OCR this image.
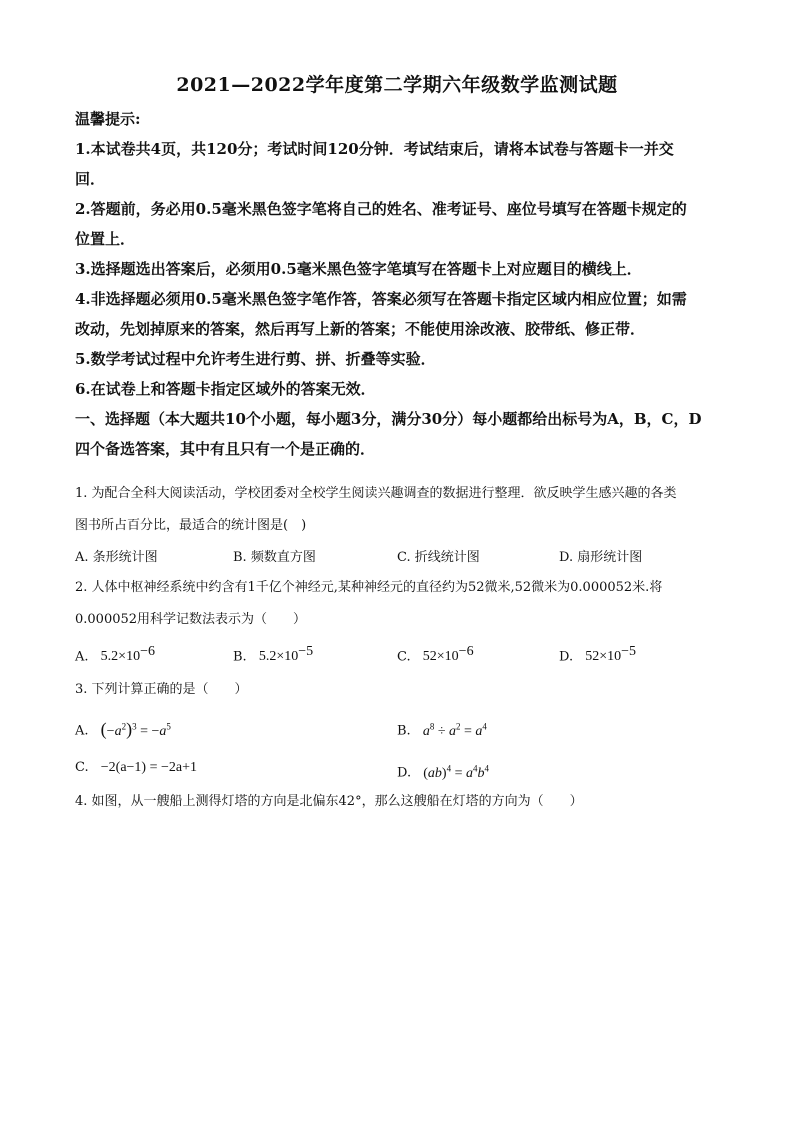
2021—2022学年度第二学期六年级数学监测试题
温馨提示:
1.本试卷共4页，共120分；考试时间120分钟．考试结束后，请将本试卷与答题卡一并交
回．
2.答题前，务必用0.5毫米黑色签字笔将自己的姓名、准考证号、座位号填写在答题卡规定的
位置上．
3.选择题选出答案后，必须用0.5毫米黑色签字笔填写在答题卡上对应题目的横线上．
4.非选择题必须用0.5毫米黑色签字笔作答，答案必须写在答题卡指定区域内相应位置；如需
改动，先划掉原来的答案，然后再写上新的答案；不能使用涂改液、胶带纸、修正带．
5.数学考试过程中允许考生进行剪、拼、折叠等实验．
6.在试卷上和答题卡指定区域外的答案无效．
一、选择题（本大题共10个小题，每小题3分，满分30分）每小题都给出标号为A，B，C，D
四个备选答案，其中有且只有一个是正确的．
1. 为配合全科大阅读活动，学校团委对全校学生阅读兴趣调查的数据进行整理．欲反映学生感兴趣的各类
图书所占百分比，最适合的统计图是(　)
A. 条形统计图	B. 频数直方图	C. 折线统计图	D. 扇形统计图
2. 人体中枢神经系统中约含有1千亿个神经元,某种神经元的直径约为52微米,52微米为0.000052米.将
0.000052用科学记数法表示为（　　）
A. $5.2\times 10^{-6}$	B. $5.2\times 10^{-5}$	C. $52\times 10^{-6}$	D. $52\times 10^{-5}$
3. 下列计算正确的是（　　）
A. $(-a^2)^3 = -a^5$	B. $a^8 \div a^2 = a^4$
C. −2(a−1) = −2a+1	D. $(ab)^4 = a^4b^4$
4. 如图，从一艘船上测得灯塔的方向是北偏东42°，那么这艘船在灯塔的方向为（　　）
